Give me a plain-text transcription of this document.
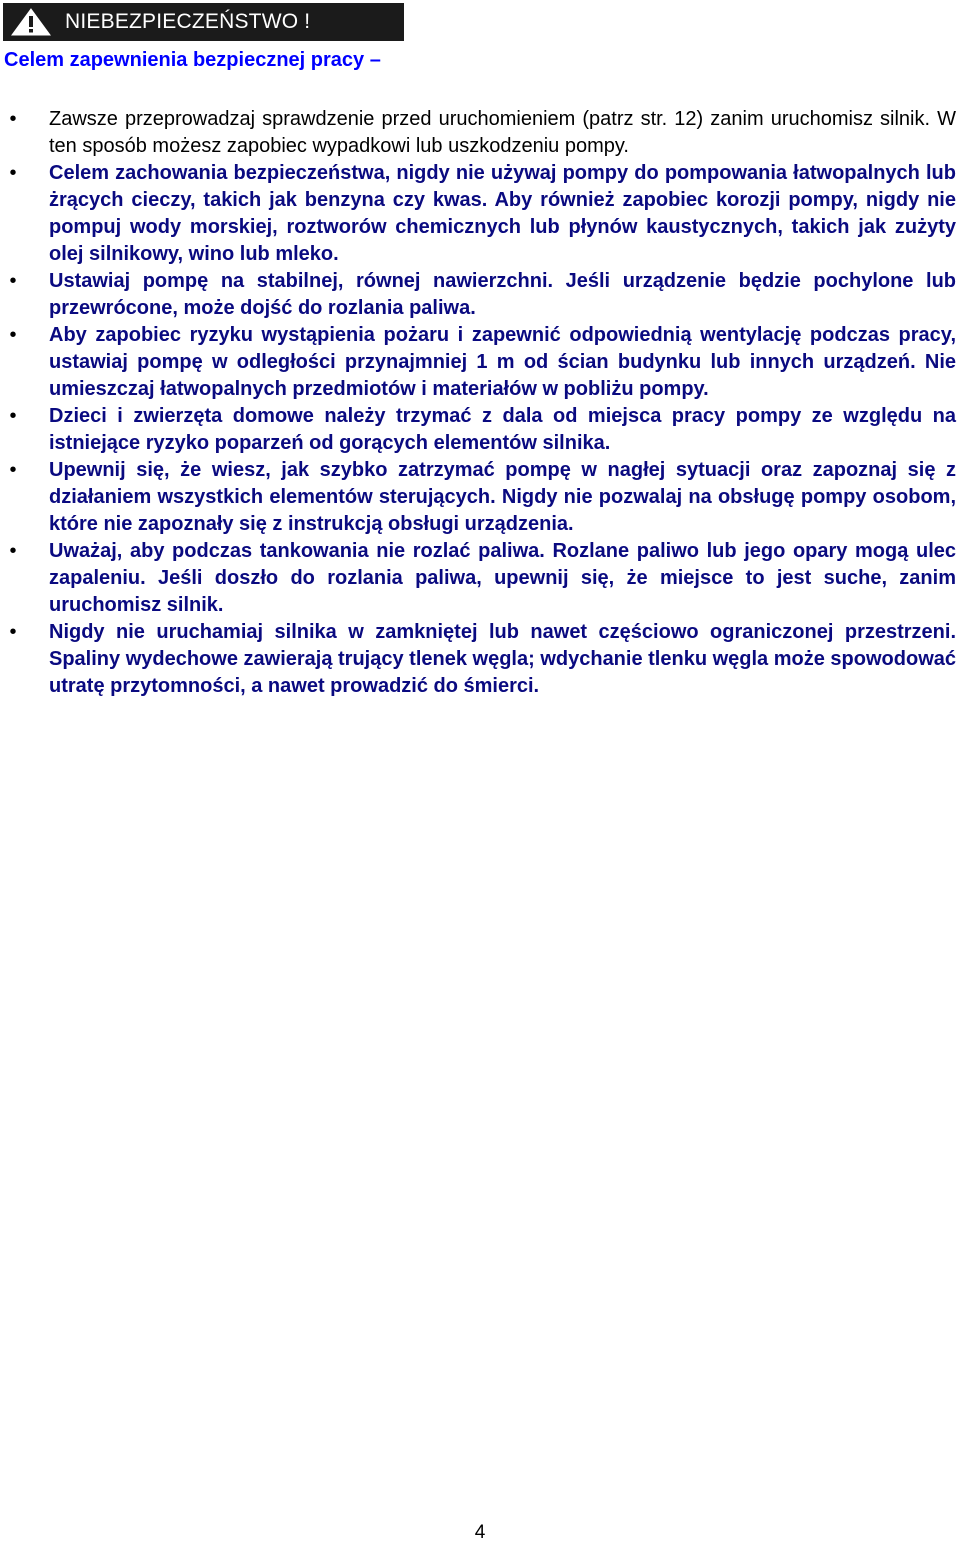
NIEBEZPIECZEŃSTWO !
Celem zapewnienia bezpiecznej pracy –
• Zawsze przeprowadzaj sprawdzenie przed uruchomieniem (patrz str. 12) zanim uruchomisz silnik. W ten sposób możesz zapobiec wypadkowi lub uszkodzeniu pompy.
• Celem zachowania bezpieczeństwa, nigdy nie używaj pompy do pompowania łatwopalnych lub żrących cieczy, takich jak benzyna czy kwas. Aby również zapobiec korozji pompy, nigdy nie pompuj wody morskiej, roztworów chemicznych lub płynów kaustycznych, takich jak zużyty olej silnikowy, wino lub mleko.
• Ustawiaj pompę na stabilnej, równej nawierzchni. Jeśli urządzenie będzie pochylone lub przewrócone, może dojść do rozlania paliwa.
• Aby zapobiec ryzyku wystąpienia pożaru i zapewnić odpowiednią wentylację podczas pracy, ustawiaj pompę w odległości przynajmniej 1 m od ścian budynku lub innych urządzeń. Nie umieszczaj łatwopalnych przedmiotów i materiałów w pobliżu pompy.
• Dzieci i zwierzęta domowe należy trzymać z dala od miejsca pracy pompy ze względu na istniejące ryzyko poparzeń od gorących elementów silnika.
• Upewnij się, że wiesz, jak szybko zatrzymać pompę w nagłej sytuacji oraz zapoznaj się z działaniem wszystkich elementów sterujących. Nigdy nie pozwalaj na obsługę pompy osobom, które nie zapoznały się z instrukcją obsługi urządzenia.
• Uważaj, aby podczas tankowania nie rozlać paliwa. Rozlane paliwo lub jego opary mogą ulec zapaleniu. Jeśli doszło do rozlania paliwa, upewnij się, że miejsce to jest suche, zanim uruchomisz silnik.
• Nigdy nie uruchamiaj silnika w zamkniętej lub nawet częściowo ograniczonej przestrzeni. Spaliny wydechowe zawierają trujący tlenek węgla; wdychanie tlenku węgla może spowodować utratę przytomności, a nawet prowadzić do śmierci.
4
